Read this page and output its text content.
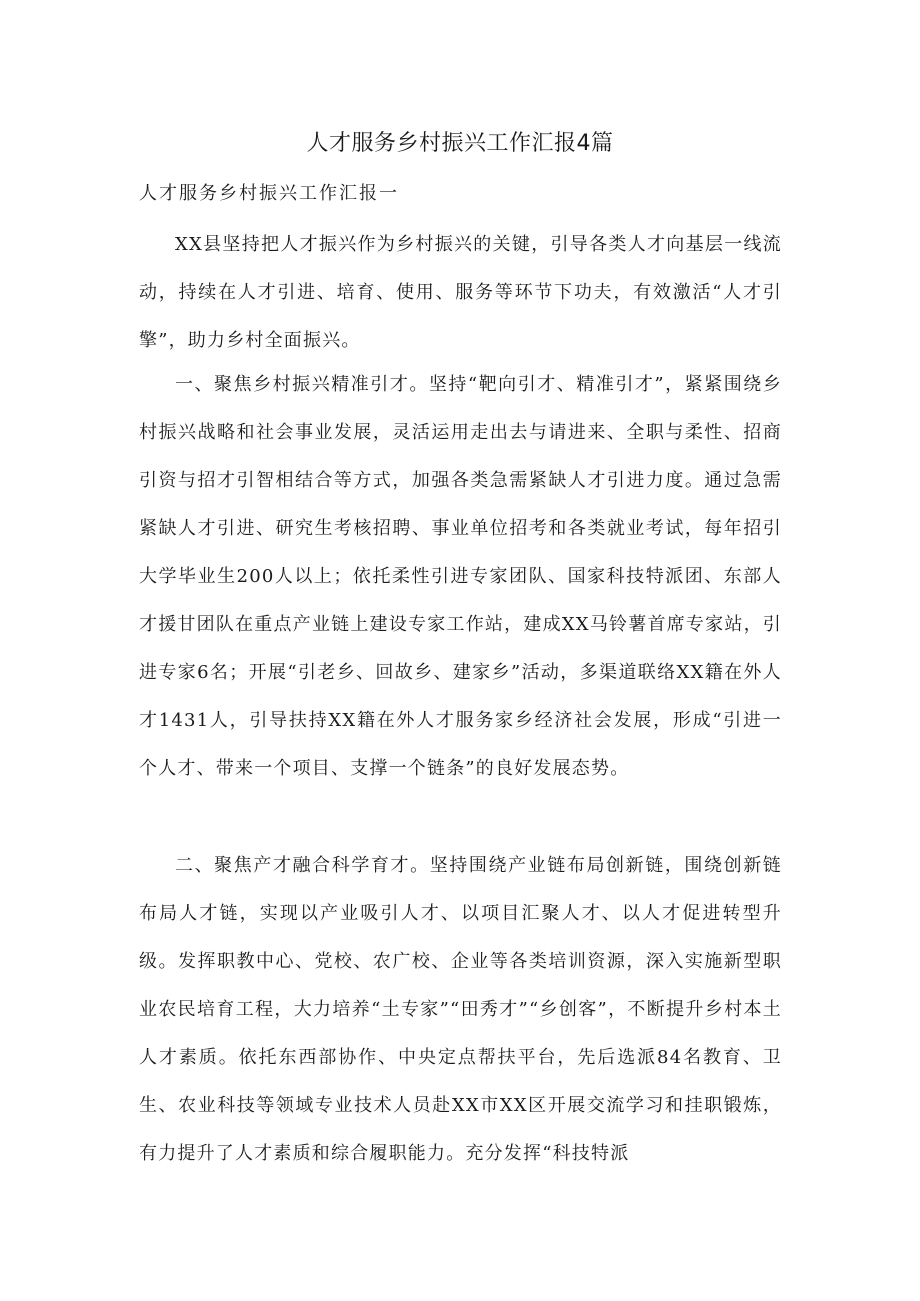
人才服务乡村振兴工作汇报4篇
人才服务乡村振兴工作汇报一

XX县坚持把人才振兴作为乡村振兴的关键，引导各类人才向基层一线流动，持续在人才引进、培育、使用、服务等环节下功夫，有效激活“人才引擎”，助力乡村全面振兴。

一、聚焦乡村振兴精准引才。坚持“靶向引才、精准引才”，紧紧围绕乡村振兴战略和社会事业发展，灵活运用走出去与请进来、全职与柔性、招商引资与招才引智相结合等方式，加强各类急需紧缺人才引进力度。通过急需紧缺人才引进、研究生考核招聘、事业单位招考和各类就业考试，每年招引大学毕业生200人以上；依托柔性引进专家团队、国家科技特派团、东部人才援甘团队在重点产业链上建设专家工作站，建成XX马铃薯首席专家站，引进专家6名；开展“引老乡、回故乡、建家乡”活动，多渠道联络XX籍在外人才1431人，引导扶持XX籍在外人才服务家乡经济社会发展，形成“引进一个人才、带来一个项目、支撑一个链条”的良好发展态势。

二、聚焦产才融合科学育才。坚持围绕产业链布局创新链，围绕创新链布局人才链，实现以产业吸引人才、以项目汇聚人才、以人才促进转型升级。发挥职教中心、党校、农广校、企业等各类培训资源，深入实施新型职业农民培育工程，大力培养“土专家”“田秀才”“乡创客”，不断提升乡村本土人才素质。依托东西部协作、中央定点帮扶平台，先后选派84名教育、卫生、农业科技等领域专业技术人员赴XX市XX区开展交流学习和挂职锻炼，有力提升了人才素质和综合履职能力。充分发挥“科技特派
